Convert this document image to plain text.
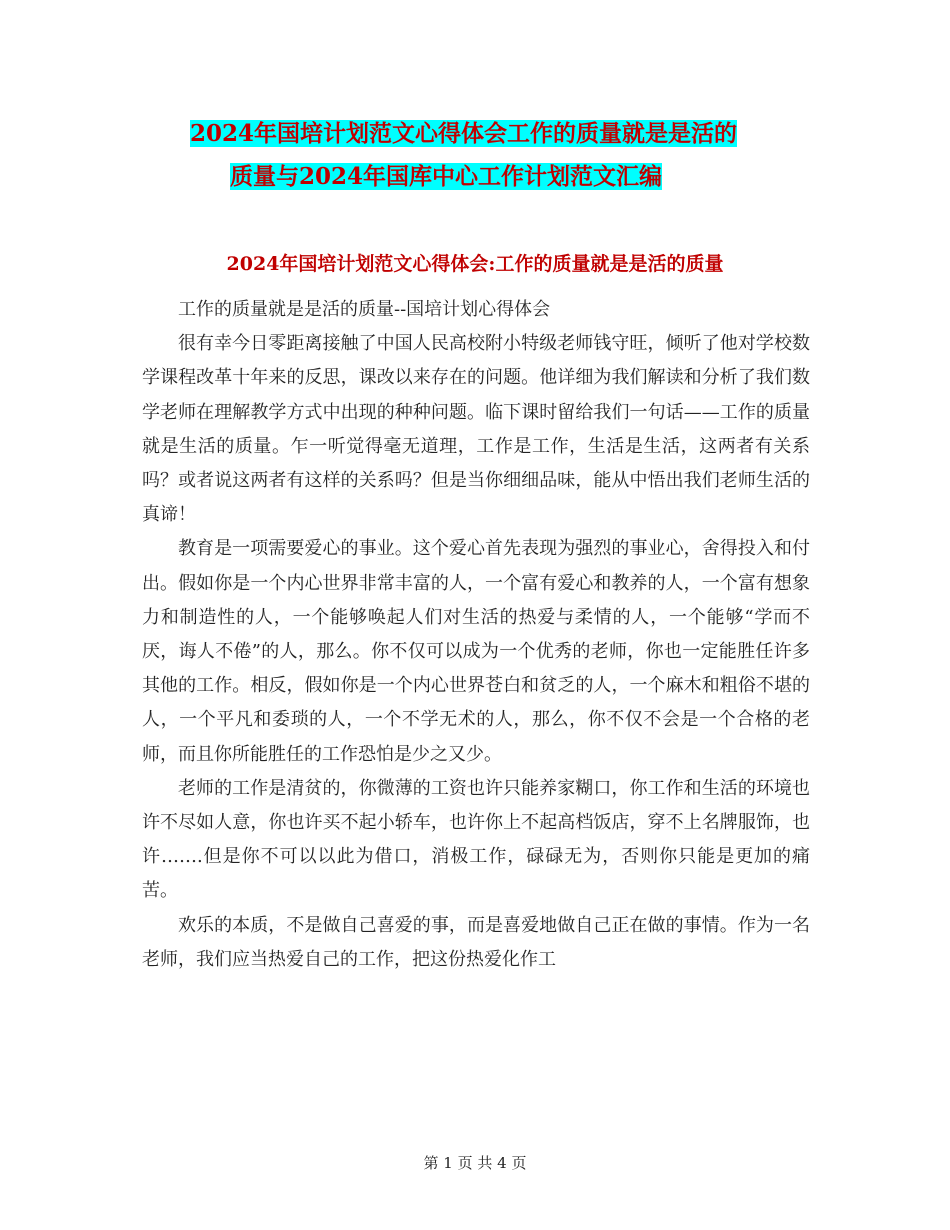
2024年国培计划范文心得体会工作的质量就是是活的
质量与2024年国库中心工作计划范文汇编
2024年国培计划范文心得体会:工作的质量就是是活的质量

工作的质量就是是活的质量--国培计划心得体会

很有幸今日零距离接触了中国人民高校附小特级老师钱守旺，倾听了他对学校数学课程改革十年来的反思，课改以来存在的问题。他详细为我们解读和分析了我们数学老师在理解教学方式中出现的种种问题。临下课时留给我们一句话——工作的质量就是生活的质量。乍一听觉得毫无道理，工作是工作，生活是生活，这两者有关系吗？或者说这两者有这样的关系吗？但是当你细细品味，能从中悟出我们老师生活的真谛！

教育是一项需要爱心的事业。这个爱心首先表现为强烈的事业心，舍得投入和付出。假如你是一个内心世界非常丰富的人，一个富有爱心和教养的人，一个富有想象力和制造性的人，一个能够唤起人们对生活的热爱与柔情的人，一个能够“学而不厌，诲人不倦”的人，那么。你不仅可以成为一个优秀的老师，你也一定能胜任许多其他的工作。相反，假如你是一个内心世界苍白和贫乏的人，一个麻木和粗俗不堪的人，一个平凡和委琐的人，一个不学无术的人，那么，你不仅不会是一个合格的老师，而且你所能胜任的工作恐怕是少之又少。

老师的工作是清贫的，你微薄的工资也许只能养家糊口，你工作和生活的环境也许不尽如人意，你也许买不起小轿车，也许你上不起高档饭店，穿不上名牌服饰，也许…….但是你不可以以此为借口，消极工作，碌碌无为，否则你只能是更加的痛苦。

欢乐的本质，不是做自己喜爱的事，而是喜爱地做自己正在做的事情。作为一名老师，我们应当热爱自己的工作，把这份热爱化作工

第 1 页 共 4 页
